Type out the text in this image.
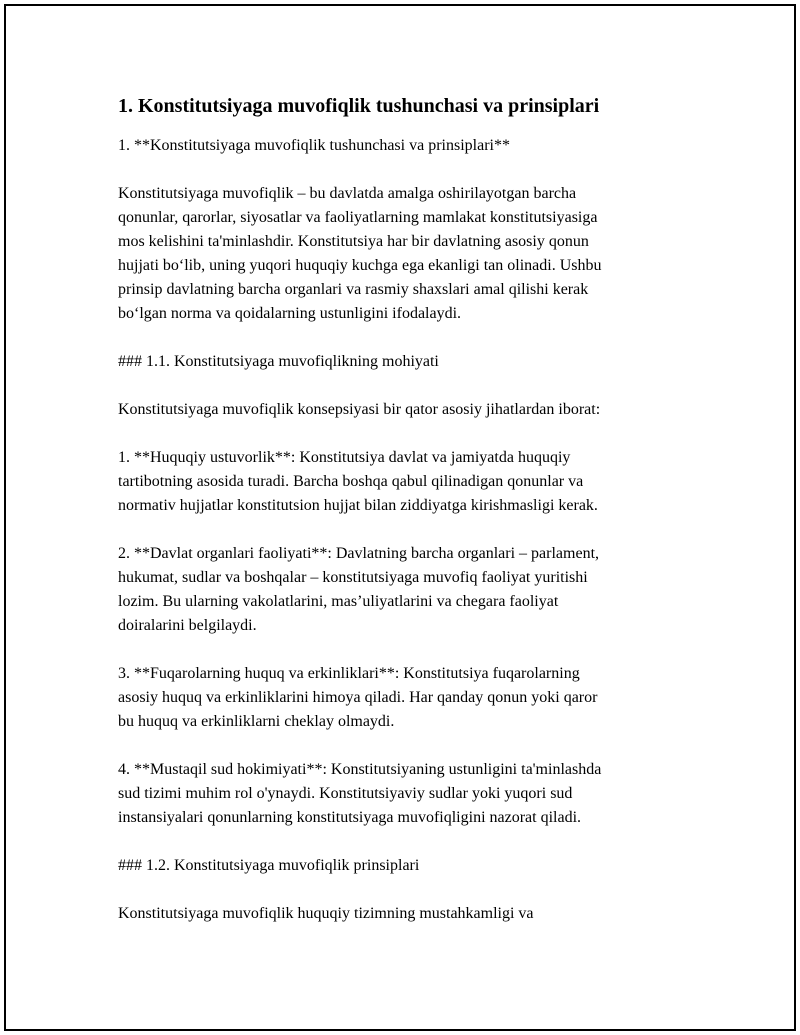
1. Konstitutsiyaga muvofiqlik tushunchasi va prinsiplari
1. **Konstitutsiyaga muvofiqlik tushunchasi va prinsiplari**
Konstitutsiyaga muvofiqlik – bu davlatda amalga oshirilayotgan barcha
qonunlar, qarorlar, siyosatlar va faoliyatlarning mamlakat konstitutsiyasiga
mos kelishini ta'minlashdir. Konstitutsiya har bir davlatning asosiy qonun
hujjati bo‘lib, uning yuqori huquqiy kuchga ega ekanligi tan olinadi. Ushbu
prinsip davlatning barcha organlari va rasmiy shaxslari amal qilishi kerak
bo‘lgan norma va qoidalarning ustunligini ifodalaydi.
### 1.1. Konstitutsiyaga muvofiqlikning mohiyati
Konstitutsiyaga muvofiqlik konsepsiyasi bir qator asosiy jihatlardan iborat:
1. **Huquqiy ustuvorlik**: Konstitutsiya davlat va jamiyatda huquqiy
tartibotning asosida turadi. Barcha boshqa qabul qilinadigan qonunlar va
normativ hujjatlar konstitutsion hujjat bilan ziddiyatga kirishmasligi kerak.
2. **Davlat organlari faoliyati**: Davlatning barcha organlari – parlament,
hukumat, sudlar va boshqalar – konstitutsiyaga muvofiq faoliyat yuritishi
lozim. Bu ularning vakolatlarini, mas’uliyatlarini va chegara faoliyat
doiralarini belgilaydi.
3. **Fuqarolarning huquq va erkinliklari**: Konstitutsiya fuqarolarning
asosiy huquq va erkinliklarini himoya qiladi. Har qanday qonun yoki qaror
bu huquq va erkinliklarni cheklay olmaydi.
4. **Mustaqil sud hokimiyati**: Konstitutsiyaning ustunligini ta'minlashda
sud tizimi muhim rol o'ynaydi. Konstitutsiyaviy sudlar yoki yuqori sud
instansiyalari qonunlarning konstitutsiyaga muvofiqligini nazorat qiladi.
### 1.2. Konstitutsiyaga muvofiqlik prinsiplari
Konstitutsiyaga muvofiqlik huquqiy tizimning mustahkamligi va
